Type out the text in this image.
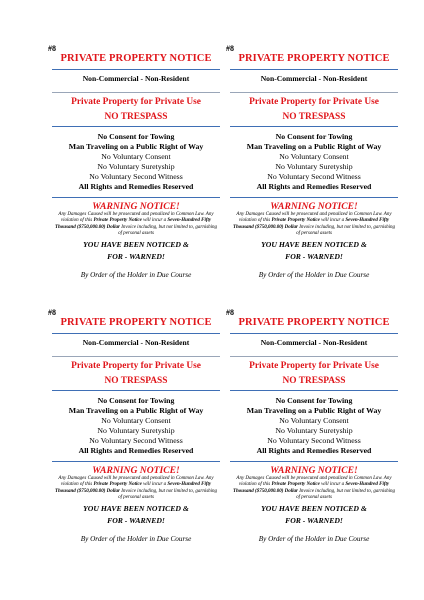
#8
PRIVATE PROPERTY NOTICE
Non-Commercial - Non-Resident
Private Property for Private Use
NO TRESPASS
No Consent for Towing
Man Traveling on a Public Right of Way
No Voluntary Consent
No Voluntary Suretyship
No Voluntary Second Witness
All Rights and Remedies Reserved
WARNING NOTICE!
Any Damages Caused will be prosecuted and penalized in Common Law. Any violation of this Private Property Notice will incur a Seven-Hundred Fifty Thousand ($750,000.00) Dollar Invoice including, but not limited to, garnishing of personal assets
YOU HAVE BEEN NOTICED &
FOR - WARNED!
By Order of the Holder in Due Course
#8
PRIVATE PROPERTY NOTICE
Non-Commercial - Non-Resident
Private Property for Private Use
NO TRESPASS
No Consent for Towing
Man Traveling on a Public Right of Way
No Voluntary Consent
No Voluntary Suretyship
No Voluntary Second Witness
All Rights and Remedies Reserved
WARNING NOTICE!
Any Damages Caused will be prosecuted and penalized in Common Law. Any violation of this Private Property Notice will incur a Seven-Hundred Fifty Thousand ($750,000.00) Dollar Invoice including, but not limited to, garnishing of personal assets
YOU HAVE BEEN NOTICED &
FOR - WARNED!
By Order of the Holder in Due Course
#8
PRIVATE PROPERTY NOTICE
Non-Commercial - Non-Resident
Private Property for Private Use
NO TRESPASS
No Consent for Towing
Man Traveling on a Public Right of Way
No Voluntary Consent
No Voluntary Suretyship
No Voluntary Second Witness
All Rights and Remedies Reserved
WARNING NOTICE!
Any Damages Caused will be prosecuted and penalized in Common Law. Any violation of this Private Property Notice will incur a Seven-Hundred Fifty Thousand ($750,000.00) Dollar Invoice including, but not limited to, garnishing of personal assets
YOU HAVE BEEN NOTICED &
FOR - WARNED!
By Order of the Holder in Due Course
#8
PRIVATE PROPERTY NOTICE
Non-Commercial - Non-Resident
Private Property for Private Use
NO TRESPASS
No Consent for Towing
Man Traveling on a Public Right of Way
No Voluntary Consent
No Voluntary Suretyship
No Voluntary Second Witness
All Rights and Remedies Reserved
WARNING NOTICE!
Any Damages Caused will be prosecuted and penalized in Common Law. Any violation of this Private Property Notice will incur a Seven-Hundred Fifty Thousand ($750,000.00) Dollar Invoice including, but not limited to, garnishing of personal assets
YOU HAVE BEEN NOTICED &
FOR - WARNED!
By Order of the Holder in Due Course
